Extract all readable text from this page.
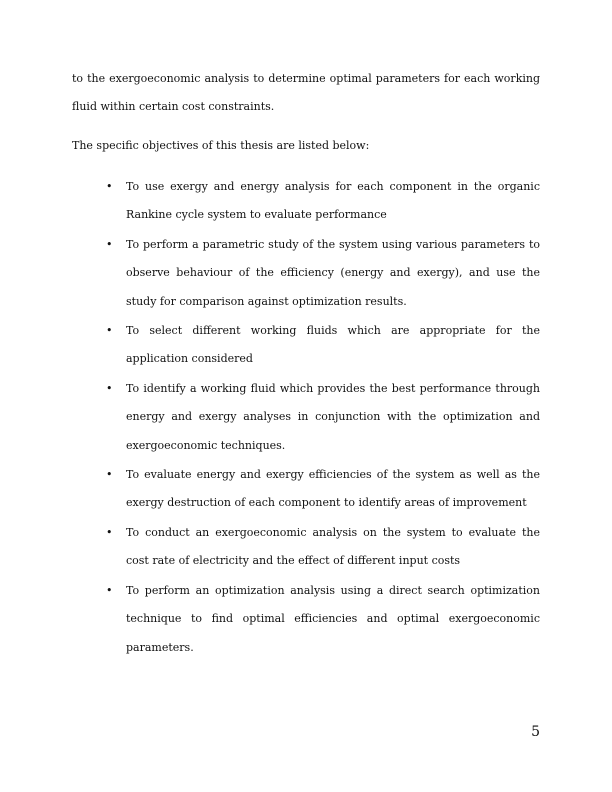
to the exergoeconomic analysis to determine optimal parameters for each working fluid within certain cost constraints.

The specific objectives of this thesis are listed below:

• To use exergy and energy analysis for each component in the organic Rankine cycle system to evaluate performance
• To perform a parametric study of the system using various parameters to observe behaviour of the efficiency (energy and exergy), and use the study for comparison against optimization results.
• To select different working fluids which are appropriate for the application considered
• To identify a working fluid which provides the best performance through energy and exergy analyses in conjunction with the optimization and exergoeconomic techniques.
• To evaluate energy and exergy efficiencies of the system as well as the exergy destruction of each component to identify areas of improvement
• To conduct an exergoeconomic analysis on the system to evaluate the cost rate of electricity and the effect of different input costs
• To perform an optimization analysis using a direct search optimization technique to find optimal efficiencies and optimal exergoeconomic parameters.

5
